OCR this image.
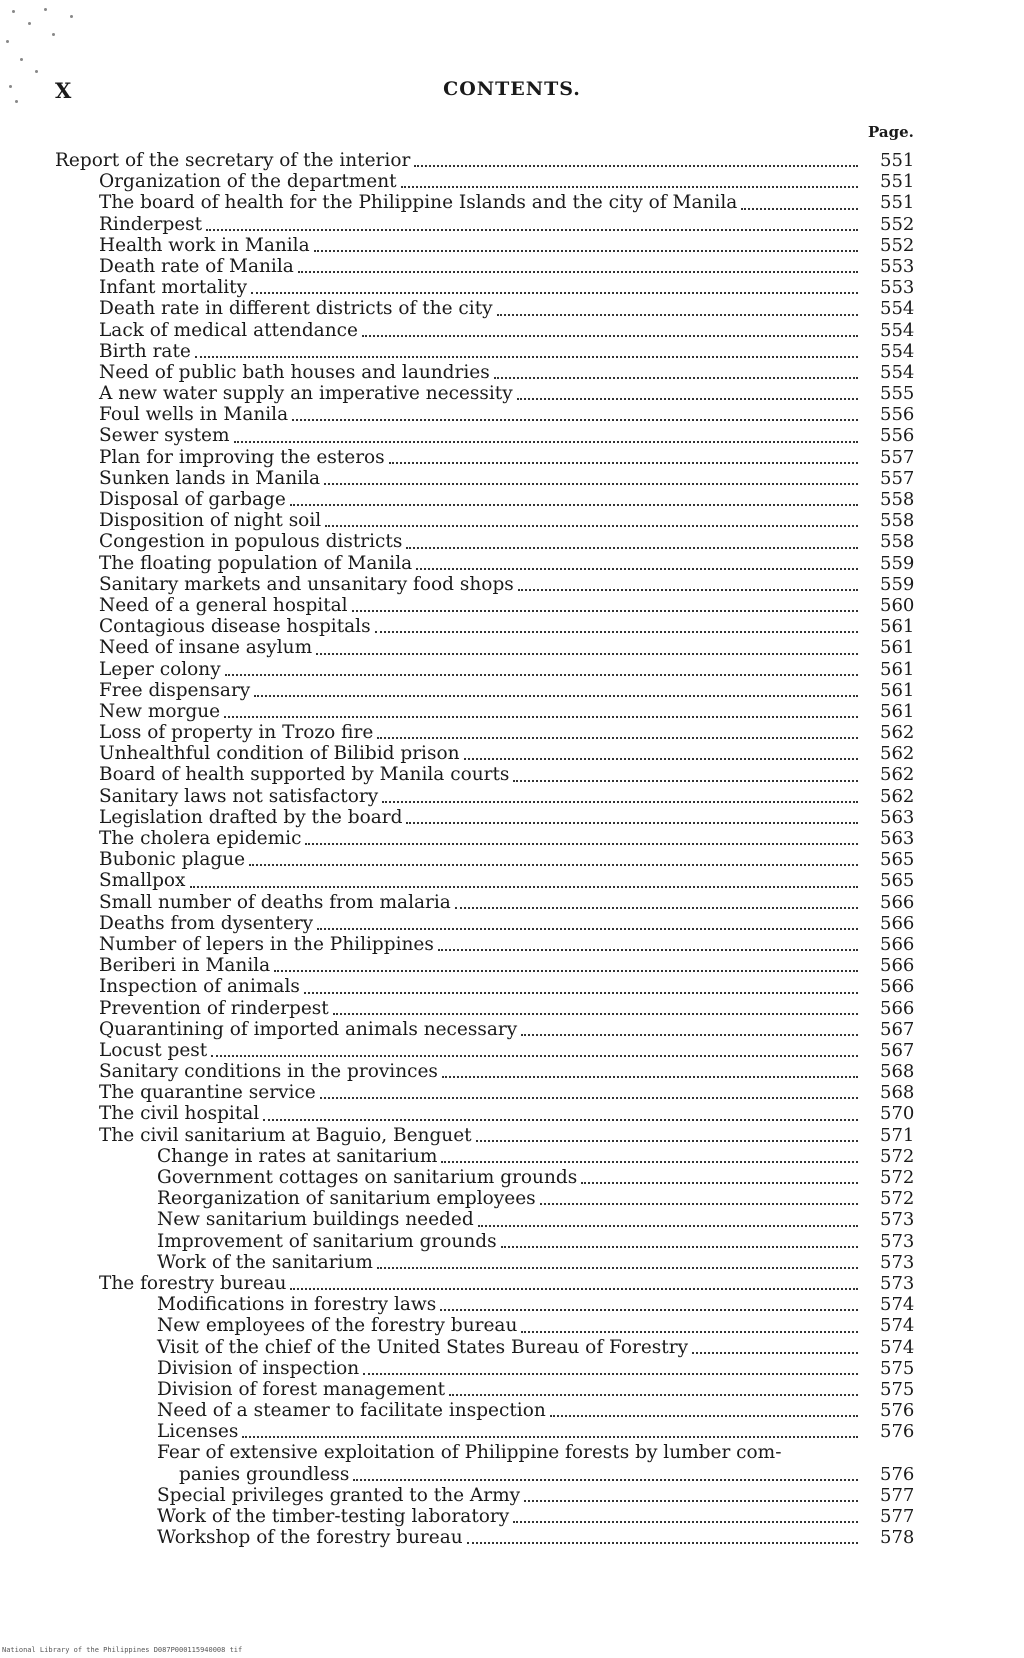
X	CONTENTS.
Page.
Report of the secretary of the interior	551
Organization of the department	551
The board of health for the Philippine Islands and the city of Manila	551
Rinderpest	552
Health work in Manila	552
Death rate of Manila	553
Infant mortality	553
Death rate in different districts of the city	554
Lack of medical attendance	554
Birth rate	554
Need of public bath houses and laundries	554
A new water supply an imperative necessity	555
Foul wells in Manila	556
Sewer system	556
Plan for improving the esteros	557
Sunken lands in Manila	557
Disposal of garbage	558
Disposition of night soil	558
Congestion in populous districts	558
The floating population of Manila	559
Sanitary markets and unsanitary food shops	559
Need of a general hospital	560
Contagious disease hospitals	561
Need of insane asylum	561
Leper colony	561
Free dispensary	561
New morgue	561
Loss of property in Trozo fire	562
Unhealthful condition of Bilibid prison	562
Board of health supported by Manila courts	562
Sanitary laws not satisfactory	562
Legislation drafted by the board	563
The cholera epidemic	563
Bubonic plague	565
Smallpox	565
Small number of deaths from malaria	566
Deaths from dysentery	566
Number of lepers in the Philippines	566
Beriberi in Manila	566
Inspection of animals	566
Prevention of rinderpest	566
Quarantining of imported animals necessary	567
Locust pest	567
Sanitary conditions in the provinces	568
The quarantine service	568
The civil hospital	570
The civil sanitarium at Baguio, Benguet	571
Change in rates at sanitarium	572
Government cottages on sanitarium grounds	572
Reorganization of sanitarium employees	572
New sanitarium buildings needed	573
Improvement of sanitarium grounds	573
Work of the sanitarium	573
The forestry bureau	573
Modifications in forestry laws	574
New employees of the forestry bureau	574
Visit of the chief of the United States Bureau of Forestry	574
Division of inspection	575
Division of forest management	575
Need of a steamer to facilitate inspection	576
Licenses	576
Fear of extensive exploitation of Philippine forests by lumber com-
panies groundless	576
Special privileges granted to the Army	577
Work of the timber-testing laboratory	577
Workshop of the forestry bureau	578
National Library of the Philippines D087P000115940008 tif
